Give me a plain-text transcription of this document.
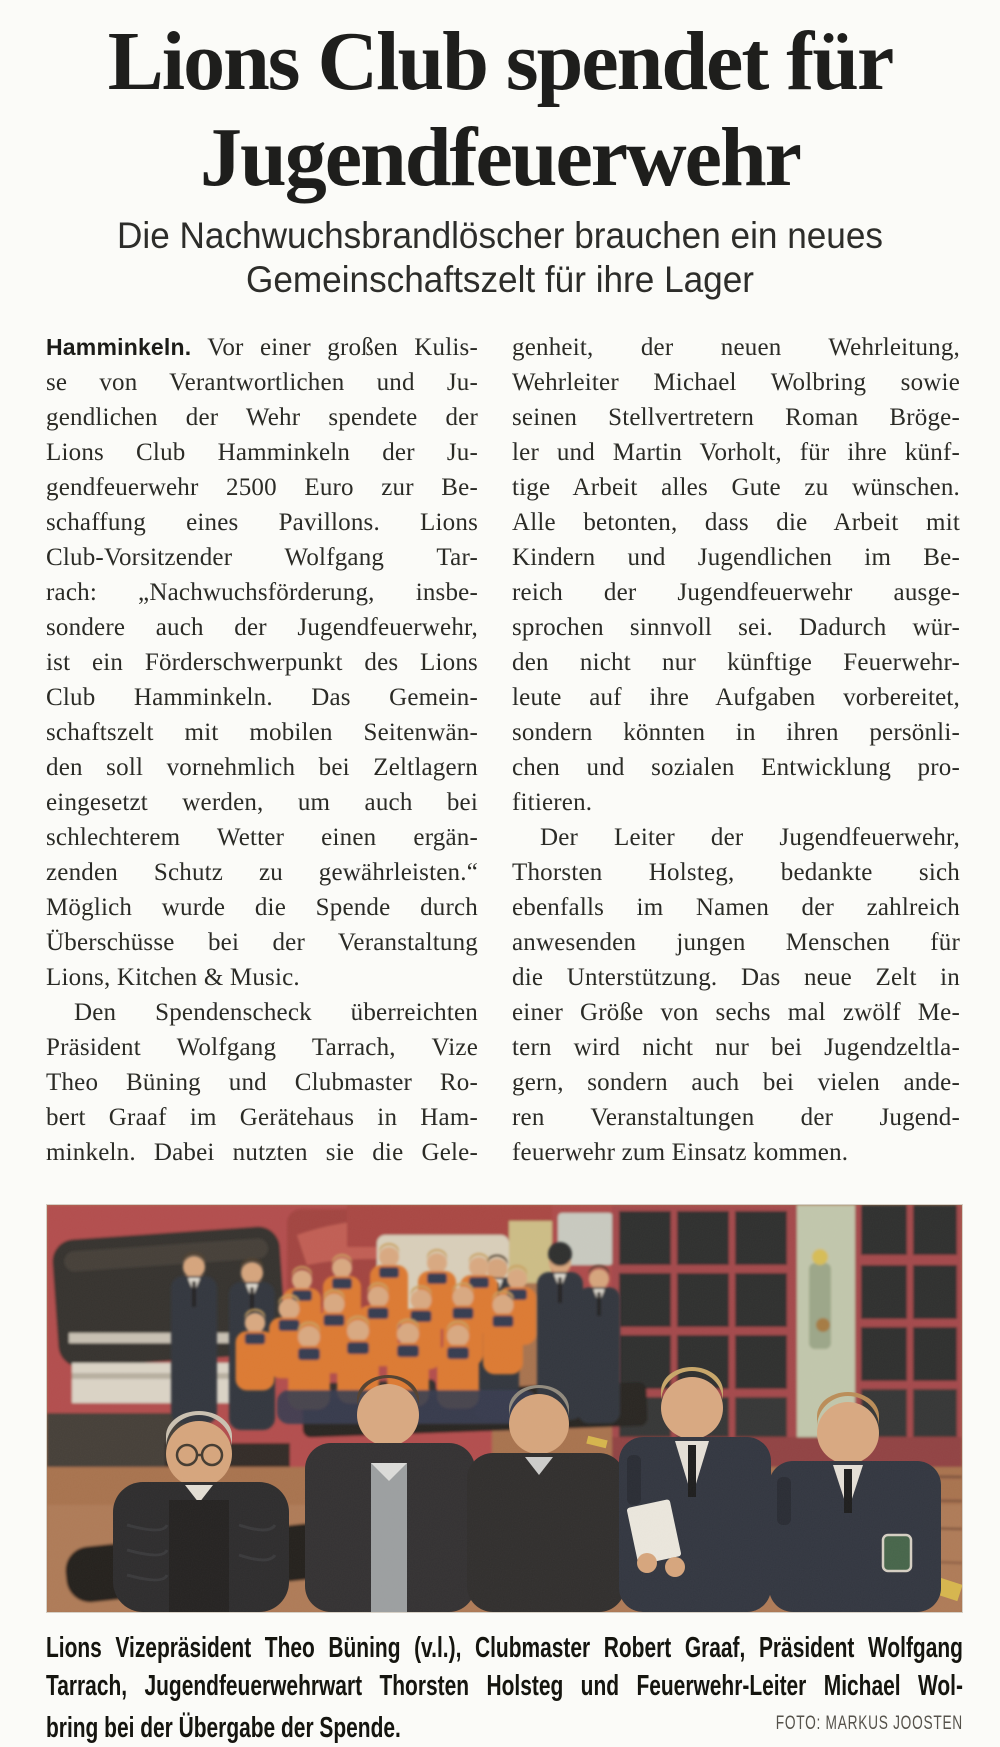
Lions Club spendet für
Jugendfeuerwehr
Die Nachwuchsbrandlöscher brauchen ein neues
Gemeinschaftszelt für ihre Lager
Hamminkeln. Vor einer großen Kulis-
se von Verantwortlichen und Ju-
gendlichen der Wehr spendete der
Lions Club Hamminkeln der Ju-
gendfeuerwehr 2500 Euro zur Be-
schaffung eines Pavillons. Lions
Club-Vorsitzender Wolfgang Tar-
rach: „Nachwuchsförderung, insbe-
sondere auch der Jugendfeuerwehr,
ist ein Förderschwerpunkt des Lions
Club Hamminkeln. Das Gemein-
schaftszelt mit mobilen Seitenwän-
den soll vornehmlich bei Zeltlagern
eingesetzt werden, um auch bei
schlechterem Wetter einen ergän-
zenden Schutz zu gewährleisten.“
Möglich wurde die Spende durch
Überschüsse bei der Veranstaltung
Lions, Kitchen & Music.
Den Spendenscheck überreichten
Präsident Wolfgang Tarrach, Vize
Theo Büning und Clubmaster Ro-
bert Graaf im Gerätehaus in Ham-
minkeln. Dabei nutzten sie die Gele-
genheit, der neuen Wehrleitung,
Wehrleiter Michael Wolbring sowie
seinen Stellvertretern Roman Bröge-
ler und Martin Vorholt, für ihre künf-
tige Arbeit alles Gute zu wünschen.
Alle betonten, dass die Arbeit mit
Kindern und Jugendlichen im Be-
reich der Jugendfeuerwehr ausge-
sprochen sinnvoll sei. Dadurch wür-
den nicht nur künftige Feuerwehr-
leute auf ihre Aufgaben vorbereitet,
sondern könnten in ihren persönli-
chen und sozialen Entwicklung pro-
fitieren.
Der Leiter der Jugendfeuerwehr,
Thorsten Holsteg, bedankte sich
ebenfalls im Namen der zahlreich
anwesenden jungen Menschen für
die Unterstützung. Das neue Zelt in
einer Größe von sechs mal zwölf Me-
tern wird nicht nur bei Jugendzeltla-
gern, sondern auch bei vielen ande-
ren Veranstaltungen der Jugend-
feuerwehr zum Einsatz kommen.
Lions Vizepräsident Theo Büning (v.l.), Clubmaster Robert Graaf, Präsident Wolfgang
Tarrach, Jugendfeuerwehrwart Thorsten Holsteg und Feuerwehr-Leiter Michael Wol-
bring bei der Übergabe der Spende.	FOTO: MARKUS JOOSTEN
